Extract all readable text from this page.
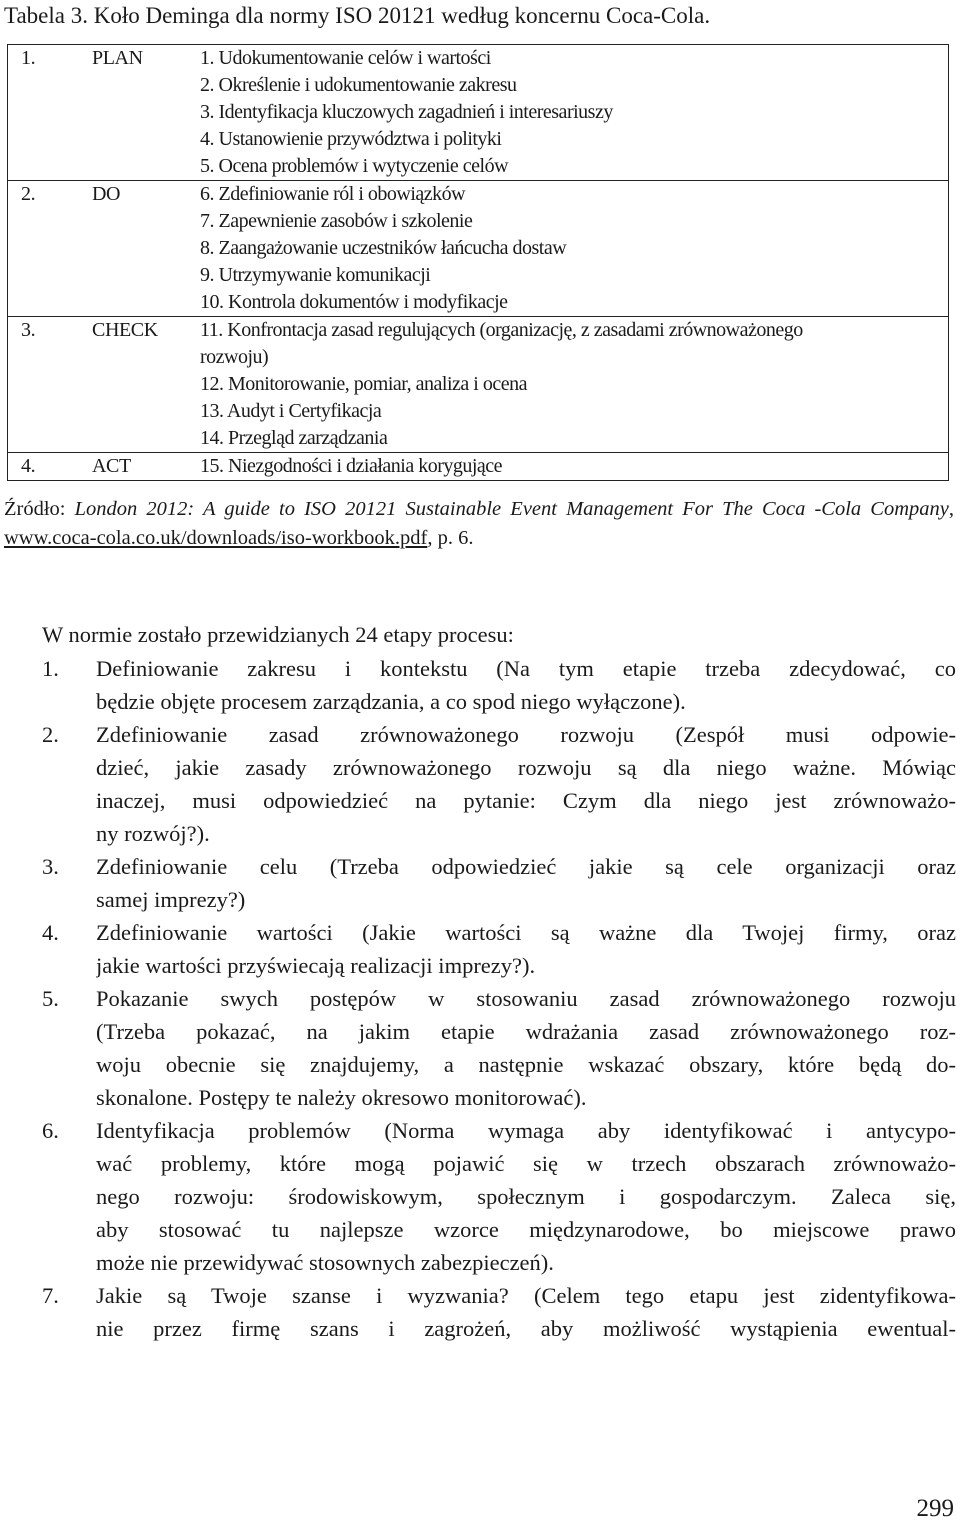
Tabela 3. Koło Deminga dla normy ISO 20121 według koncernu Coca-Cola.
1.	PLAN	1. Udokumentowanie celów i wartości
2. Określenie i udokumentowanie zakresu
3. Identyfikacja kluczowych zagadnień i interesariuszy
4. Ustanowienie przywództwa i polityki
5. Ocena problemów i wytyczenie celów
2.	DO	6. Zdefiniowanie ról i obowiązków
7. Zapewnienie zasobów i szkolenie
8. Zaangażowanie uczestników łańcucha dostaw
9. Utrzymywanie komunikacji
10. Kontrola dokumentów i modyfikacje
3.	CHECK 11. Konfrontacja zasad regulujących (organizację, z zasadami zrównoważonego
rozwoju)
12. Monitorowanie, pomiar, analiza i ocena
13. Audyt i Certyfikacja
14. Przegląd zarządzania
4.	ACT	15. Niezgodności i działania korygujące

Źródło: London 2012: A guide to ISO 20121 Sustainable Event Management For The Coca -Cola Company, www.coca-cola.co.uk/downloads/iso-workbook.pdf, p. 6.

W normie zostało przewidzianych 24 etapy procesu:
1. Definiowanie zakresu i kontekstu (Na tym etapie trzeba zdecydować, co
będzie objęte procesem zarządzania, a co spod niego wyłączone).
2. Zdefiniowanie zasad zrównoważonego rozwoju (Zespół musi odpowie-
dzieć, jakie zasady zrównoważonego rozwoju są dla niego ważne. Mówiąc
inaczej, musi odpowiedzieć na pytanie: Czym dla niego jest zrównoważo-
ny rozwój?).
3. Zdefiniowanie celu (Trzeba odpowiedzieć jakie są cele organizacji oraz
samej imprezy?)
4. Zdefiniowanie wartości (Jakie wartości są ważne dla Twojej firmy, oraz
jakie wartości przyświecają realizacji imprezy?).
5. Pokazanie swych postępów w stosowaniu zasad zrównoważonego rozwoju
(Trzeba pokazać, na jakim etapie wdrażania zasad zrównoważonego roz-
woju obecnie się znajdujemy, a następnie wskazać obszary, które będą do-
skonalone. Postępy te należy okresowo monitorować).
6. Identyfikacja problemów (Norma wymaga aby identyfikować i antycypo-
wać problemy, które mogą pojawić się w trzech obszarach zrównoważo-
nego rozwoju: środowiskowym, społecznym i gospodarczym. Zaleca się,
aby stosować tu najlepsze wzorce międzynarodowe, bo miejscowe prawo
może nie przewidywać stosownych zabezpieczeń).
7. Jakie są Twoje szanse i wyzwania? (Celem tego etapu jest zidentyfikowa-
nie przez firmę szans i zagrożeń, aby możliwość wystąpienia ewentual-
299
